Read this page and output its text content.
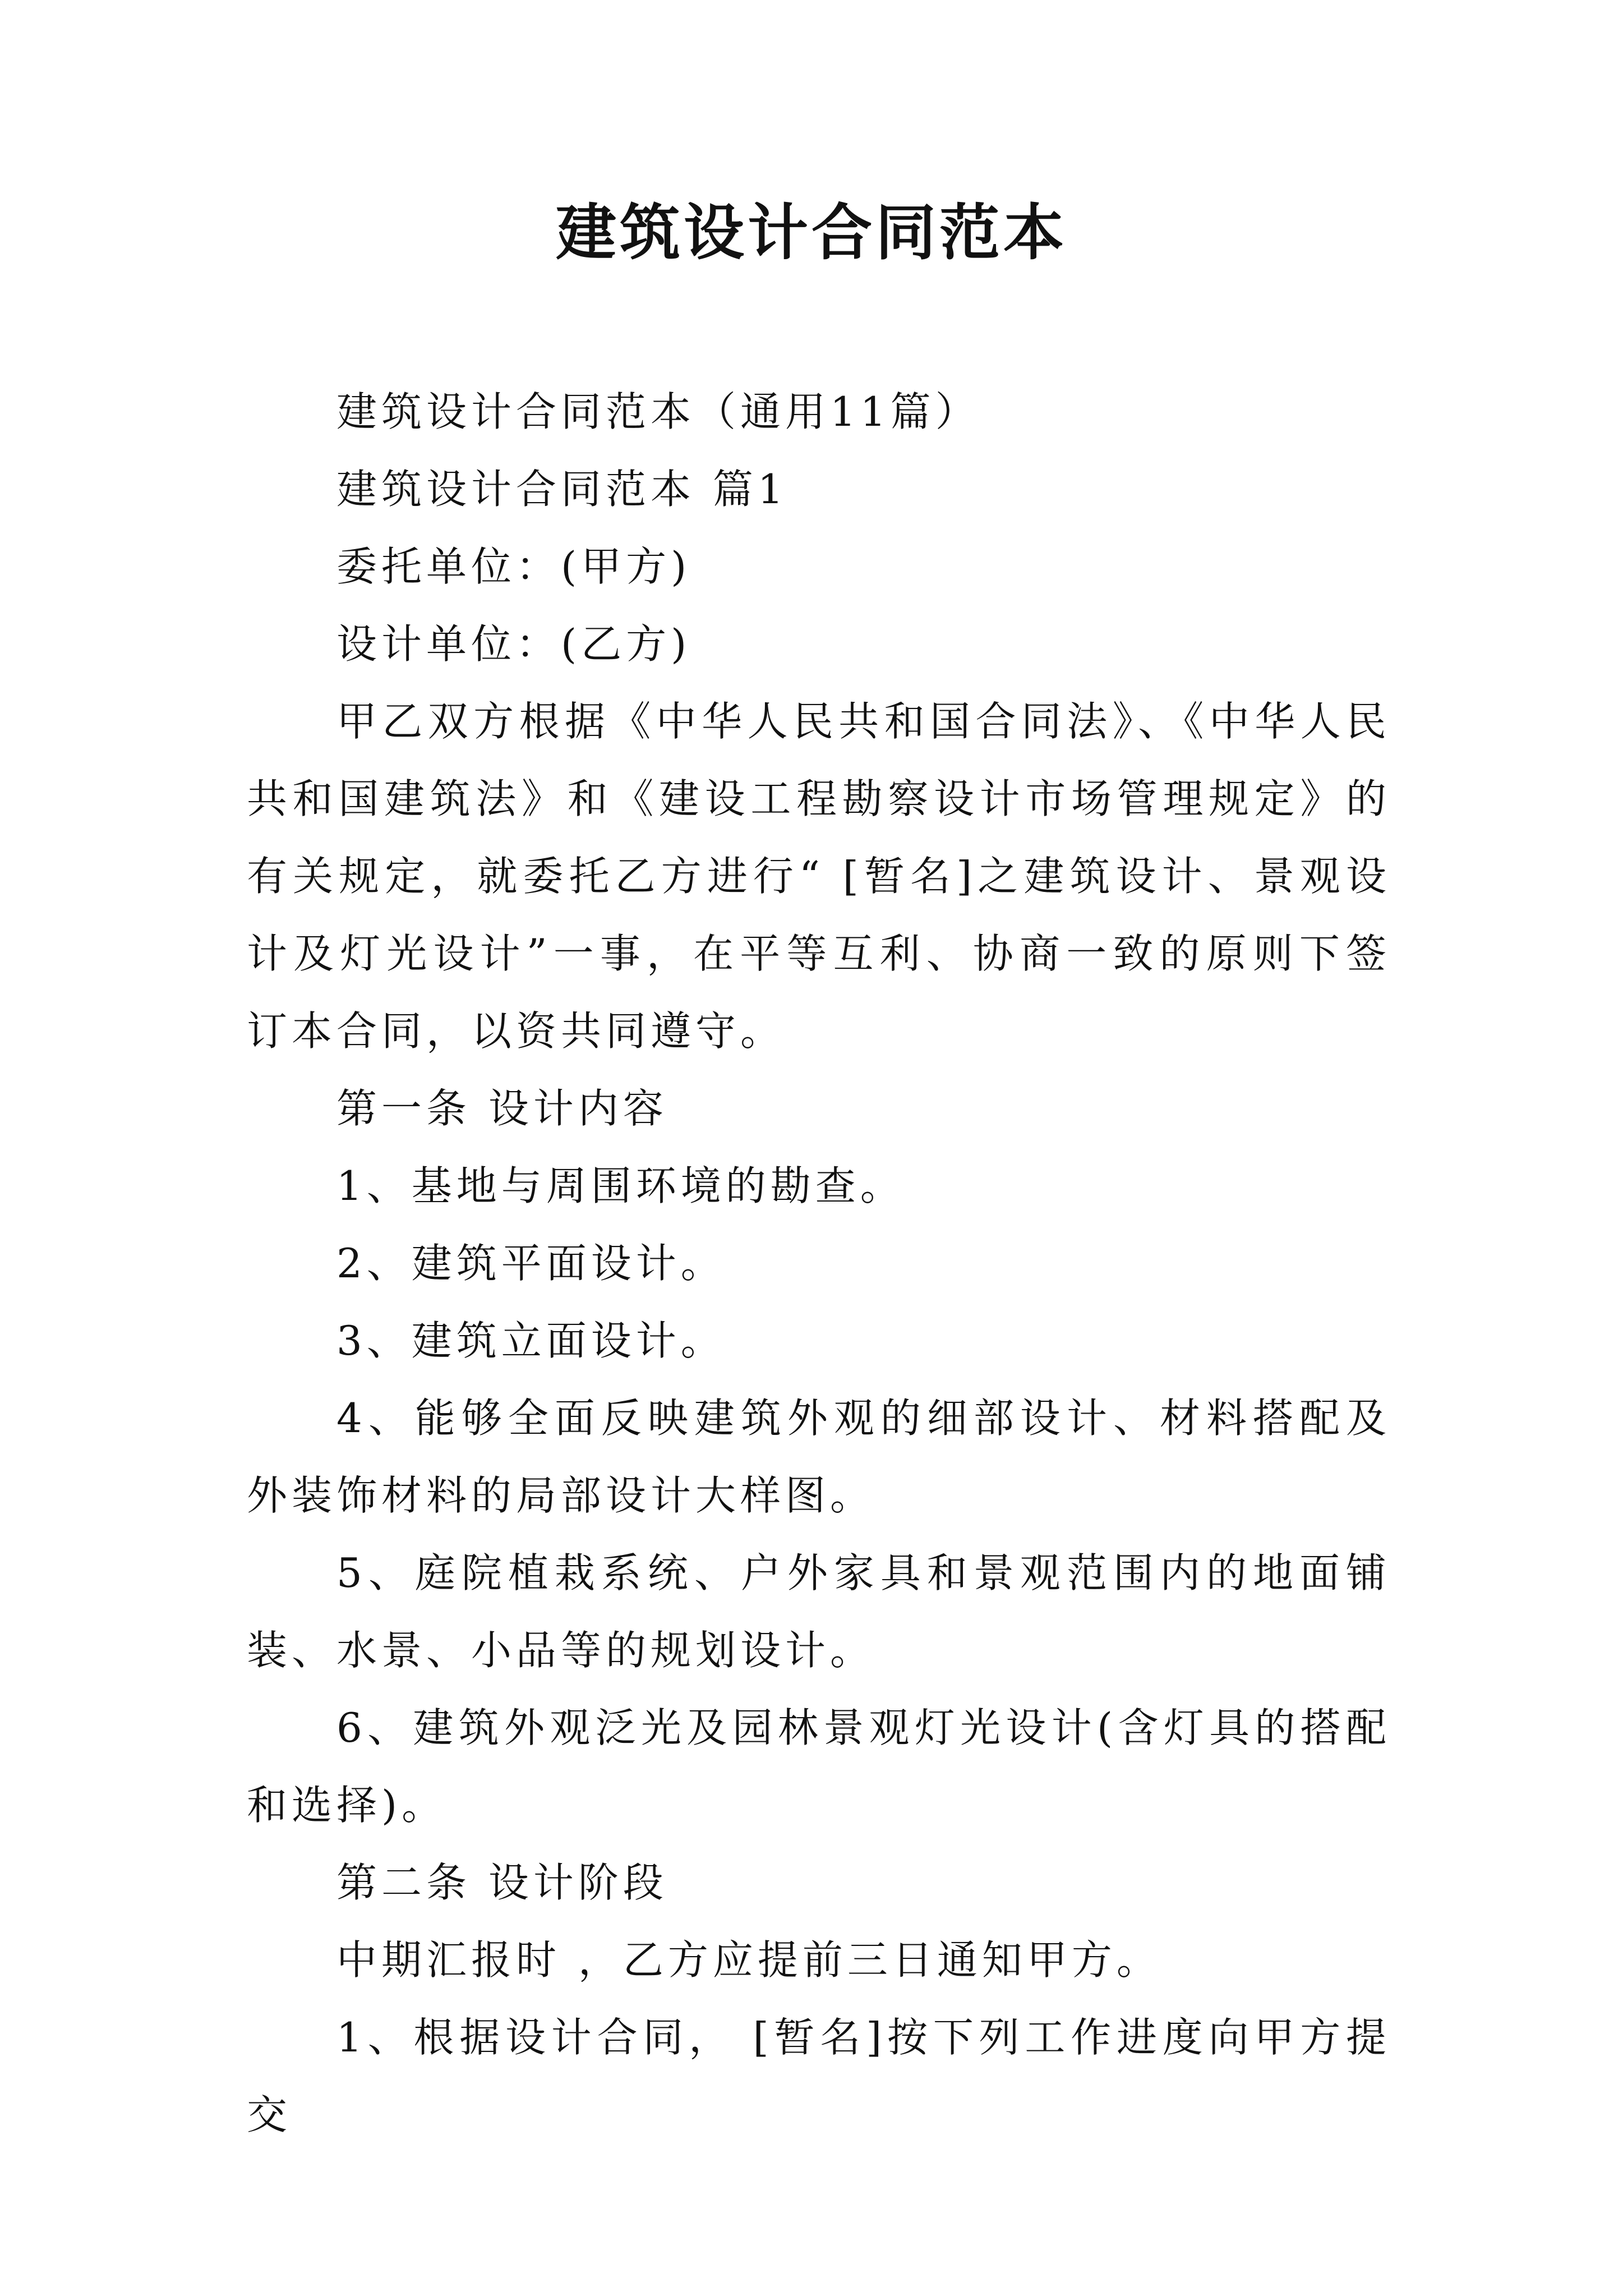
建筑设计合同范本

建筑设计合同范本（通用11篇）

建筑设计合同范本 篇1

委托单位：(甲方)

设计单位：(乙方)

甲乙双方根据《中华人民共和国合同法》、《中华人民共和国建筑法》和《建设工程勘察设计市场管理规定》的有关规定，就委托乙方进行“ [暂名]之建筑设计、景观设计及灯光设计”一事，在平等互利、协商一致的原则下签订本合同，以资共同遵守。

第一条 设计内容

1、基地与周围环境的勘查。

2、建筑平面设计。

3、建筑立面设计。

4、能够全面反映建筑外观的细部设计、材料搭配及外装饰材料的局部设计大样图。

5、庭院植栽系统、户外家具和景观范围内的地面铺装、水景、小品等的规划设计。

6、建筑外观泛光及园林景观灯光设计(含灯具的搭配和选择)。

第二条 设计阶段

中期汇报时 ，乙方应提前三日通知甲方。

1、根据设计合同， [暂名]按下列工作进度向甲方提交
